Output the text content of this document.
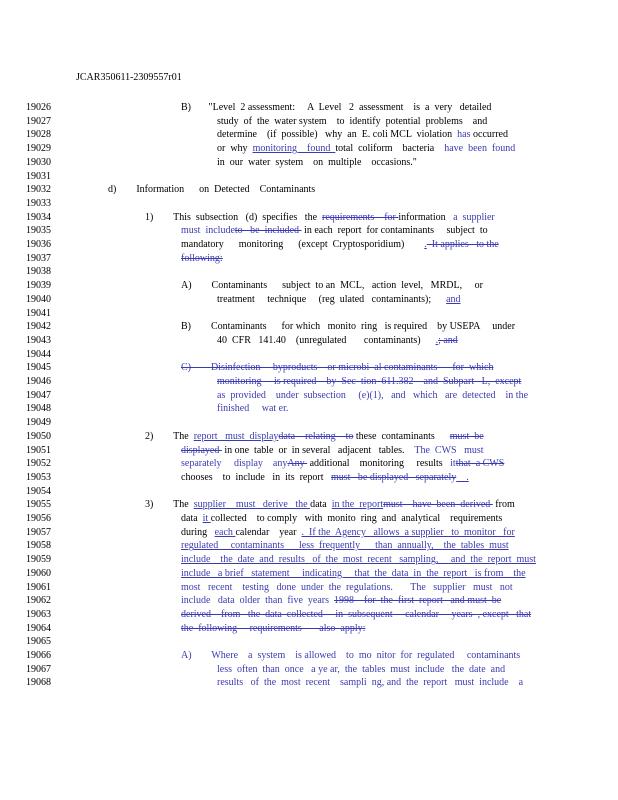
JCAR350611-2309557r01
19026	B)       "Level  2 assessment:     A  Level   2  assessment    is  a  very   detailed
19027	study  of  the  water system    to  identify  potential  problems    and
19028	determine    (if  possible)   why  an  E. coli MCL  violation  has occurred
19029	or  why  monitoring    found  total  coliform    bacteria    have  been  found
19030	in  our  water  system    on  multiple    occasions."
19031
19032	d)        Information      on  Detected    Contaminants
19033
19034	1)        This  subsection   (d)  specifies   the  requirements    for information   a  supplier
19035	must  includeto   be  included  in each  report  for contaminants     subject  to
19036	mandatory      monitoring      (except  Cryptosporidium)        .  It applies   to the
19037	following:
19038
19039	A)        Contaminants      subject  to an  MCL,   action  level,   MRDL,     or
19040	treatment     technique     (reg  ulated   contaminants);      and
19041
19042	B)        Contaminants      for which   monito  ring   is required    by USEPA     under
19043	40  CFR   141.40    (unregulated       contaminants)      .; and
19044
19045	C)        Disinfection     byproducts    or microbi  al contaminants      for  which
19046	monitoring     is required    by  Sec  tion  611.382    and  Subpart   L,  except
19047	as  provided    under  subsection     (e)(1),   and   which   are  detected    in the
19048	finished     wat er.
19049
19050	2)        The  report   must  displaydata    relating    to these  contaminants      must  be
19051	displayed  in one  table  or  in several   adjacent   tables.    The  CWS   must
19052	separately     display    anyAny  additional    monitoring     results   itthat  a CWS
19053	chooses    to  include   in  its  report   must   be displayed   separately    .
19054
19055	3)        The  supplier    must   derive   the data  in the  reportmust    have  been  derived  from
19056	data  it collected    to comply   with  monito  ring  and  analytical    requirements
19057	during   each calendar    year  .  If the  Agency   allows  a supplier   to  monitor   for
19058	regulated     contaminants      less  frequently      than  annually,    the  tables  must
19059	include    the  date  and  results   of  the  most  recent   sampling,     and  the  report  must
19060	include   a brief   statement     indicating     that  the  data  in  the  report   is from    the
19061	most   recent    testing   done  under  the  regulations.       The   supplier   must   not
19062	include   data  older  than  five  years  1998    for  the  first  report   and must  be
19063	derived    from   the  data  collected     in  subsequent     calendar     years  , except   that
19064	the  following     requirements       also  apply:
19065
19066	A)        Where    a  system    is allowed    to  mo  nitor  for  regulated     contaminants
19067	less  often  than  once   a ye ar,  the  tables  must  include   the  date  and
19068	results   of  the  most  recent    sampli  ng, and  the  report   must  include    a
